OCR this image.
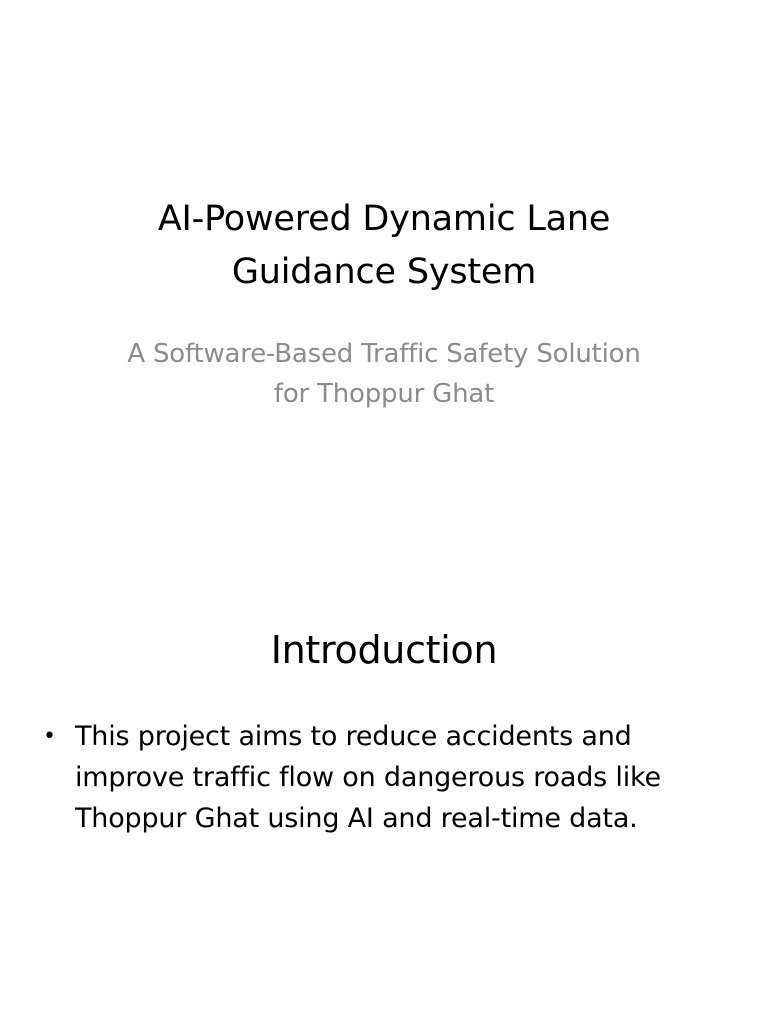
AI-Powered Dynamic Lane Guidance System

A Software-Based Traffic Safety Solution for Thoppur Ghat

Introduction
• This project aims to reduce accidents and improve traffic flow on dangerous roads like Thoppur Ghat using AI and real-time data.
